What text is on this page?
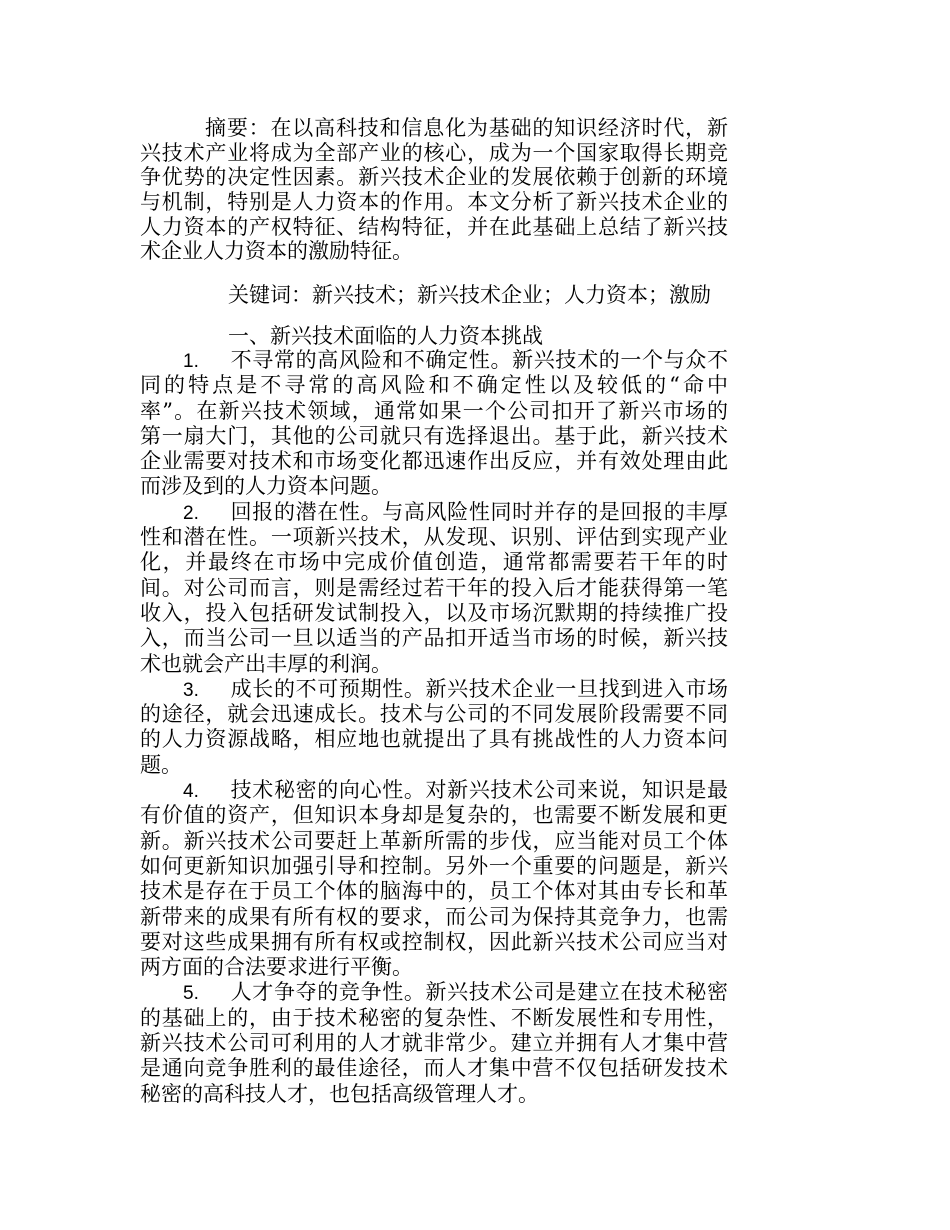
摘要：在以高科技和信息化为基础的知识经济时代，新
兴技术产业将成为全部产业的核心，成为一个国家取得长期竞
争优势的决定性因素。新兴技术企业的发展依赖于创新的环境
与机制，特别是人力资本的作用。本文分析了新兴技术企业的
人力资本的产权特征、结构特征，并在此基础上总结了新兴技
术企业人力资本的激励特征。
关键词：新兴技术；新兴技术企业；人力资本；激励
一、新兴技术面临的人力资本挑战
1. 不寻常的高风险和不确定性。新兴技术的一个与众不
同的特点是不寻常的高风险和不确定性以及较低的“命中
率”。在新兴技术领域，通常如果一个公司扣开了新兴市场的
第一扇大门，其他的公司就只有选择退出。基于此，新兴技术
企业需要对技术和市场变化都迅速作出反应，并有效处理由此
而涉及到的人力资本问题。
2. 回报的潜在性。与高风险性同时并存的是回报的丰厚
性和潜在性。一项新兴技术，从发现、识别、评估到实现产业
化，并最终在市场中完成价值创造，通常都需要若干年的时
间。对公司而言，则是需经过若干年的投入后才能获得第一笔
收入，投入包括研发试制投入，以及市场沉默期的持续推广投
入，而当公司一旦以适当的产品扣开适当市场的时候，新兴技
术也就会产出丰厚的利润。
3. 成长的不可预期性。新兴技术企业一旦找到进入市场
的途径，就会迅速成长。技术与公司的不同发展阶段需要不同
的人力资源战略，相应地也就提出了具有挑战性的人力资本问
题。
4. 技术秘密的向心性。对新兴技术公司来说，知识是最
有价值的资产，但知识本身却是复杂的，也需要不断发展和更
新。新兴技术公司要赶上革新所需的步伐，应当能对员工个体
如何更新知识加强引导和控制。另外一个重要的问题是，新兴
技术是存在于员工个体的脑海中的，员工个体对其由专长和革
新带来的成果有所有权的要求，而公司为保持其竞争力，也需
要对这些成果拥有所有权或控制权，因此新兴技术公司应当对
两方面的合法要求进行平衡。
5. 人才争夺的竞争性。新兴技术公司是建立在技术秘密
的基础上的，由于技术秘密的复杂性、不断发展性和专用性，
新兴技术公司可利用的人才就非常少。建立并拥有人才集中营
是通向竞争胜利的最佳途径，而人才集中营不仅包括研发技术
秘密的高科技人才，也包括高级管理人才。
